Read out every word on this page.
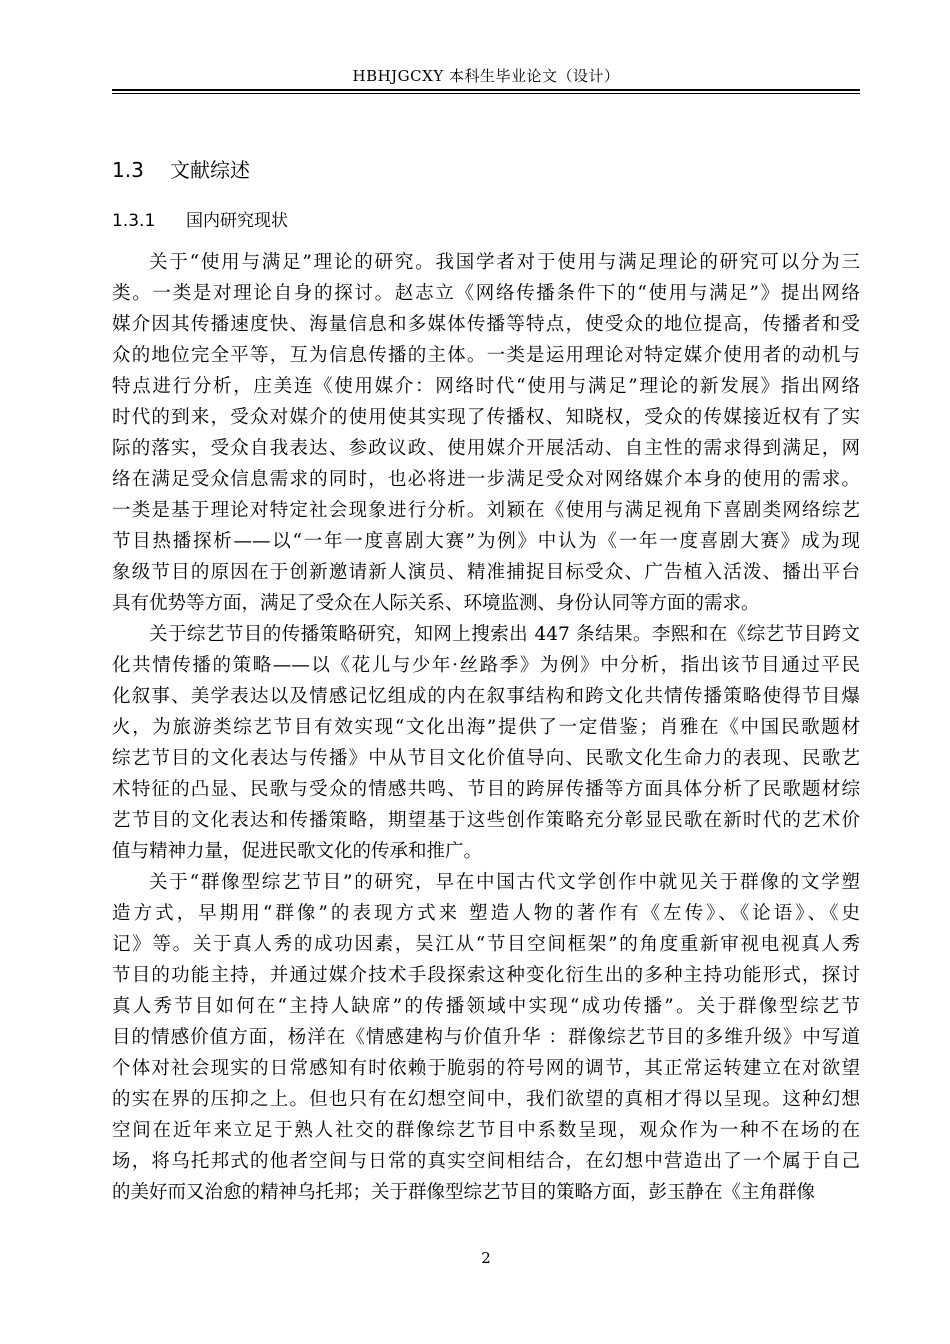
HBHJGCXY 本科生毕业论文（设计）
1.3 文献综述
1.3.1 国内研究现状
关于“使用与满足”理论的研究。我国学者对于使用与满足理论的研究可以分为三
类。一类是对理论自身的探讨。赵志立《网络传播条件下的“使用与满足”》提出网络
媒介因其传播速度快、海量信息和多媒体传播等特点，使受众的地位提高，传播者和受
众的地位完全平等，互为信息传播的主体。一类是运用理论对特定媒介使用者的动机与
特点进行分析，庄美连《使用媒介：网络时代“使用与满足”理论的新发展》指出网络
时代的到来，受众对媒介的使用使其实现了传播权、知晓权，受众的传媒接近权有了实
际的落实，受众自我表达、参政议政、使用媒介开展活动、自主性的需求得到满足，网
络在满足受众信息需求的同时，也必将进一步满足受众对网络媒介本身的使用的需求。
一类是基于理论对特定社会现象进行分析。刘颖在《使用与满足视角下喜剧类网络综艺
节目热播探析——以“一年一度喜剧大赛”为例》中认为《一年一度喜剧大赛》成为现
象级节目的原因在于创新邀请新人演员、精准捕捉目标受众、广告植入活泼、播出平台
具有优势等方面，满足了受众在人际关系、环境监测、身份认同等方面的需求。
关于综艺节目的传播策略研究，知网上搜索出 447 条结果。李熙和在《综艺节目跨文
化共情传播的策略——以《花儿与少年·丝路季》为例》中分析，指出该节目通过平民
化叙事、美学表达以及情感记忆组成的内在叙事结构和跨文化共情传播策略使得节目爆
火，为旅游类综艺节目有效实现“文化出海”提供了一定借鉴；肖雅在《中国民歌题材
综艺节目的文化表达与传播》中从节目文化价值导向、民歌文化生命力的表现、民歌艺
术特征的凸显、民歌与受众的情感共鸣、节目的跨屏传播等方面具体分析了民歌题材综
艺节目的文化表达和传播策略，期望基于这些创作策略充分彰显民歌在新时代的艺术价
值与精神力量，促进民歌文化的传承和推广。
关于“群像型综艺节目”的研究，早在中国古代文学创作中就见关于群像的文学塑
造方式，早期用“群像”的表现方式来 塑造人物的著作有《左传》、《论语》、《史
记》等。关于真人秀的成功因素，吴江从“节目空间框架”的角度重新审视电视真人秀
节目的功能主持，并通过媒介技术手段探索这种变化衍生出的多种主持功能形式，探讨
真人秀节目如何在“主持人缺席”的传播领域中实现“成功传播”。关于群像型综艺节
目的情感价值方面，杨洋在《情感建构与价值升华 ：群像综艺节目的多维升级》中写道
个体对社会现实的日常感知有时依赖于脆弱的符号网的调节，其正常运转建立在对欲望
的实在界的压抑之上。但也只有在幻想空间中，我们欲望的真相才得以呈现。这种幻想
空间在近年来立足于熟人社交的群像综艺节目中系数呈现，观众作为一种不在场的在
场，将乌托邦式的他者空间与日常的真实空间相结合，在幻想中营造出了一个属于自己
的美好而又治愈的精神乌托邦；关于群像型综艺节目的策略方面，彭玉静在《主角群像
2
